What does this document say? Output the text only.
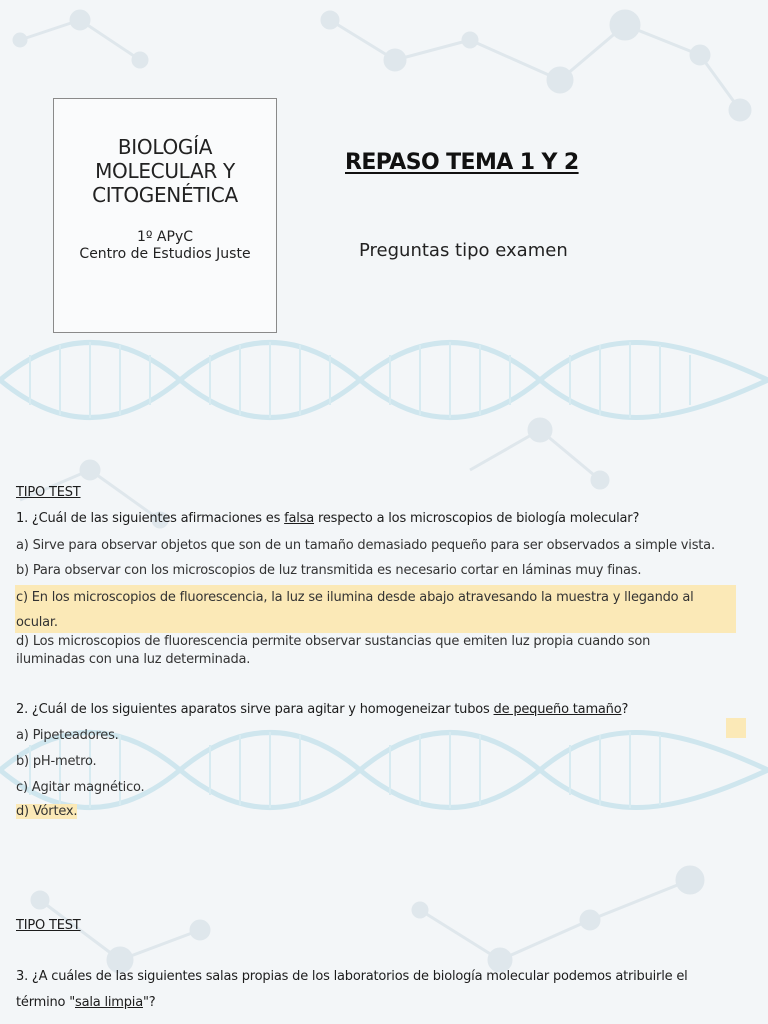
BIOLOGÍA
MOLECULAR Y
CITOGENÉTICA
1º APyC
Centro de Estudios Juste
REPASO TEMA 1 Y 2
Preguntas tipo examen
TIPO TEST
1. ¿Cuál de las siguientes afirmaciones es falsa respecto a los microscopios de biología molecular?
a) Sirve para observar objetos que son de un tamaño demasiado pequeño para ser observados a simple vista.
b) Para observar con los microscopios de luz transmitida es necesario cortar en láminas muy finas.
c) En los microscopios de fluorescencia, la luz se ilumina desde abajo atravesando la muestra y llegando al
ocular.
d) Los microscopios de fluorescencia permite observar sustancias que emiten luz propia cuando son
iluminadas con una luz determinada.
2. ¿Cuál de los siguientes aparatos sirve para agitar y homogeneizar tubos de pequeño tamaño?
a) Pipeteadores.
b) pH-metro.
c) Agitar magnético.
d) Vórtex.
TIPO TEST
3. ¿A cuáles de las siguientes salas propias de los laboratorios de biología molecular podemos atribuirle el
término "sala limpia"?
